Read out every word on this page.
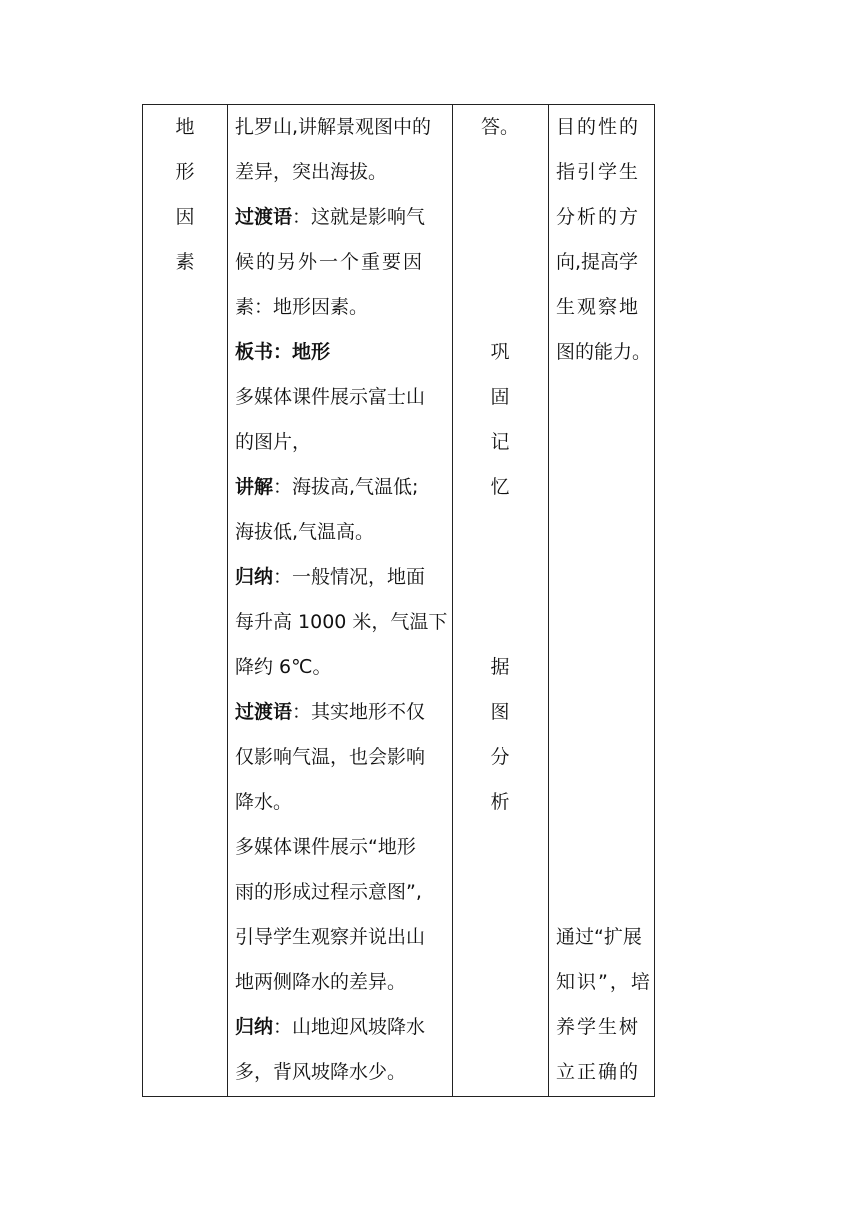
地
形
因
素
扎罗山,讲解景观图中的
差异，突出海拔。
过渡语：这就是影响气
候的另外一个重要因
素：地形因素。
板书：地形
多媒体课件展示富士山
的图片，
讲解：海拔高,气温低;
海拔低,气温高。
归纳：一般情况，地面
每升高 1000 米，气温下
降约 6℃。
过渡语：其实地形不仅
仅影响气温，也会影响
降水。
多媒体课件展示“地形
雨的形成过程示意图”,
引导学生观察并说出山
地两侧降水的差异。
归纳：山地迎风坡降水
多，背风坡降水少。
答。
巩
固
记
忆
据
图
分
析
目的性的
指引学生
分析的方
向,提高学
生观察地
图的能力。
通过“扩展
知识”，培
养学生树
立正确的
